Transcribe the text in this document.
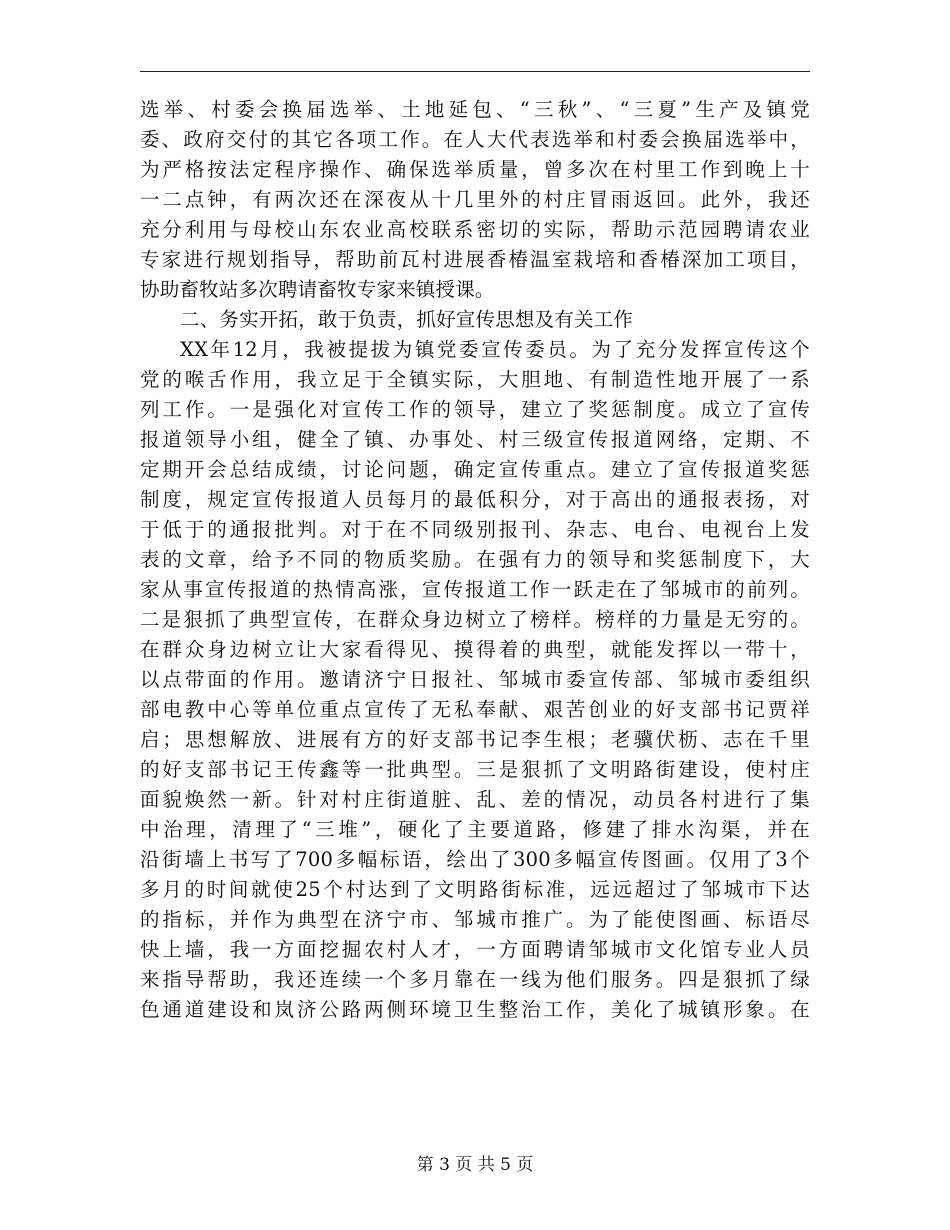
选举、村委会换届选举、土地延包、“三秋”、“三夏”生产及镇党
委、政府交付的其它各项工作。在人大代表选举和村委会换届选举中，
为严格按法定程序操作、确保选举质量，曾多次在村里工作到晚上十
一二点钟，有两次还在深夜从十几里外的村庄冒雨返回。此外，我还
充分利用与母校山东农业高校联系密切的实际，帮助示范园聘请农业
专家进行规划指导，帮助前瓦村进展香椿温室栽培和香椿深加工项目，
协助畜牧站多次聘请畜牧专家来镇授课。
二、务实开拓，敢于负责，抓好宣传思想及有关工作
XX年12月，我被提拔为镇党委宣传委员。为了充分发挥宣传这个
党的喉舌作用，我立足于全镇实际，大胆地、有制造性地开展了一系
列工作。一是强化对宣传工作的领导，建立了奖惩制度。成立了宣传
报道领导小组，健全了镇、办事处、村三级宣传报道网络，定期、不
定期开会总结成绩，讨论问题，确定宣传重点。建立了宣传报道奖惩
制度，规定宣传报道人员每月的最低积分，对于高出的通报表扬，对
于低于的通报批判。对于在不同级别报刊、杂志、电台、电视台上发
表的文章，给予不同的物质奖励。在强有力的领导和奖惩制度下，大
家从事宣传报道的热情高涨，宣传报道工作一跃走在了邹城市的前列。
二是狠抓了典型宣传，在群众身边树立了榜样。榜样的力量是无穷的。
在群众身边树立让大家看得见、摸得着的典型，就能发挥以一带十，
以点带面的作用。邀请济宁日报社、邹城市委宣传部、邹城市委组织
部电教中心等单位重点宣传了无私奉献、艰苦创业的好支部书记贾祥
启；思想解放、进展有方的好支部书记李生根；老骥伏枥、志在千里
的好支部书记王传鑫等一批典型。三是狠抓了文明路街建设，使村庄
面貌焕然一新。针对村庄街道脏、乱、差的情况，动员各村进行了集
中治理，清理了“三堆”，硬化了主要道路，修建了排水沟渠，并在
沿街墙上书写了700多幅标语，绘出了300多幅宣传图画。仅用了3个
多月的时间就使25个村达到了文明路街标准，远远超过了邹城市下达
的指标，并作为典型在济宁市、邹城市推广。为了能使图画、标语尽
快上墙，我一方面挖掘农村人才，一方面聘请邹城市文化馆专业人员
来指导帮助，我还连续一个多月靠在一线为他们服务。四是狠抓了绿
色通道建设和岚济公路两侧环境卫生整治工作，美化了城镇形象。在
第 3 页 共 5 页
